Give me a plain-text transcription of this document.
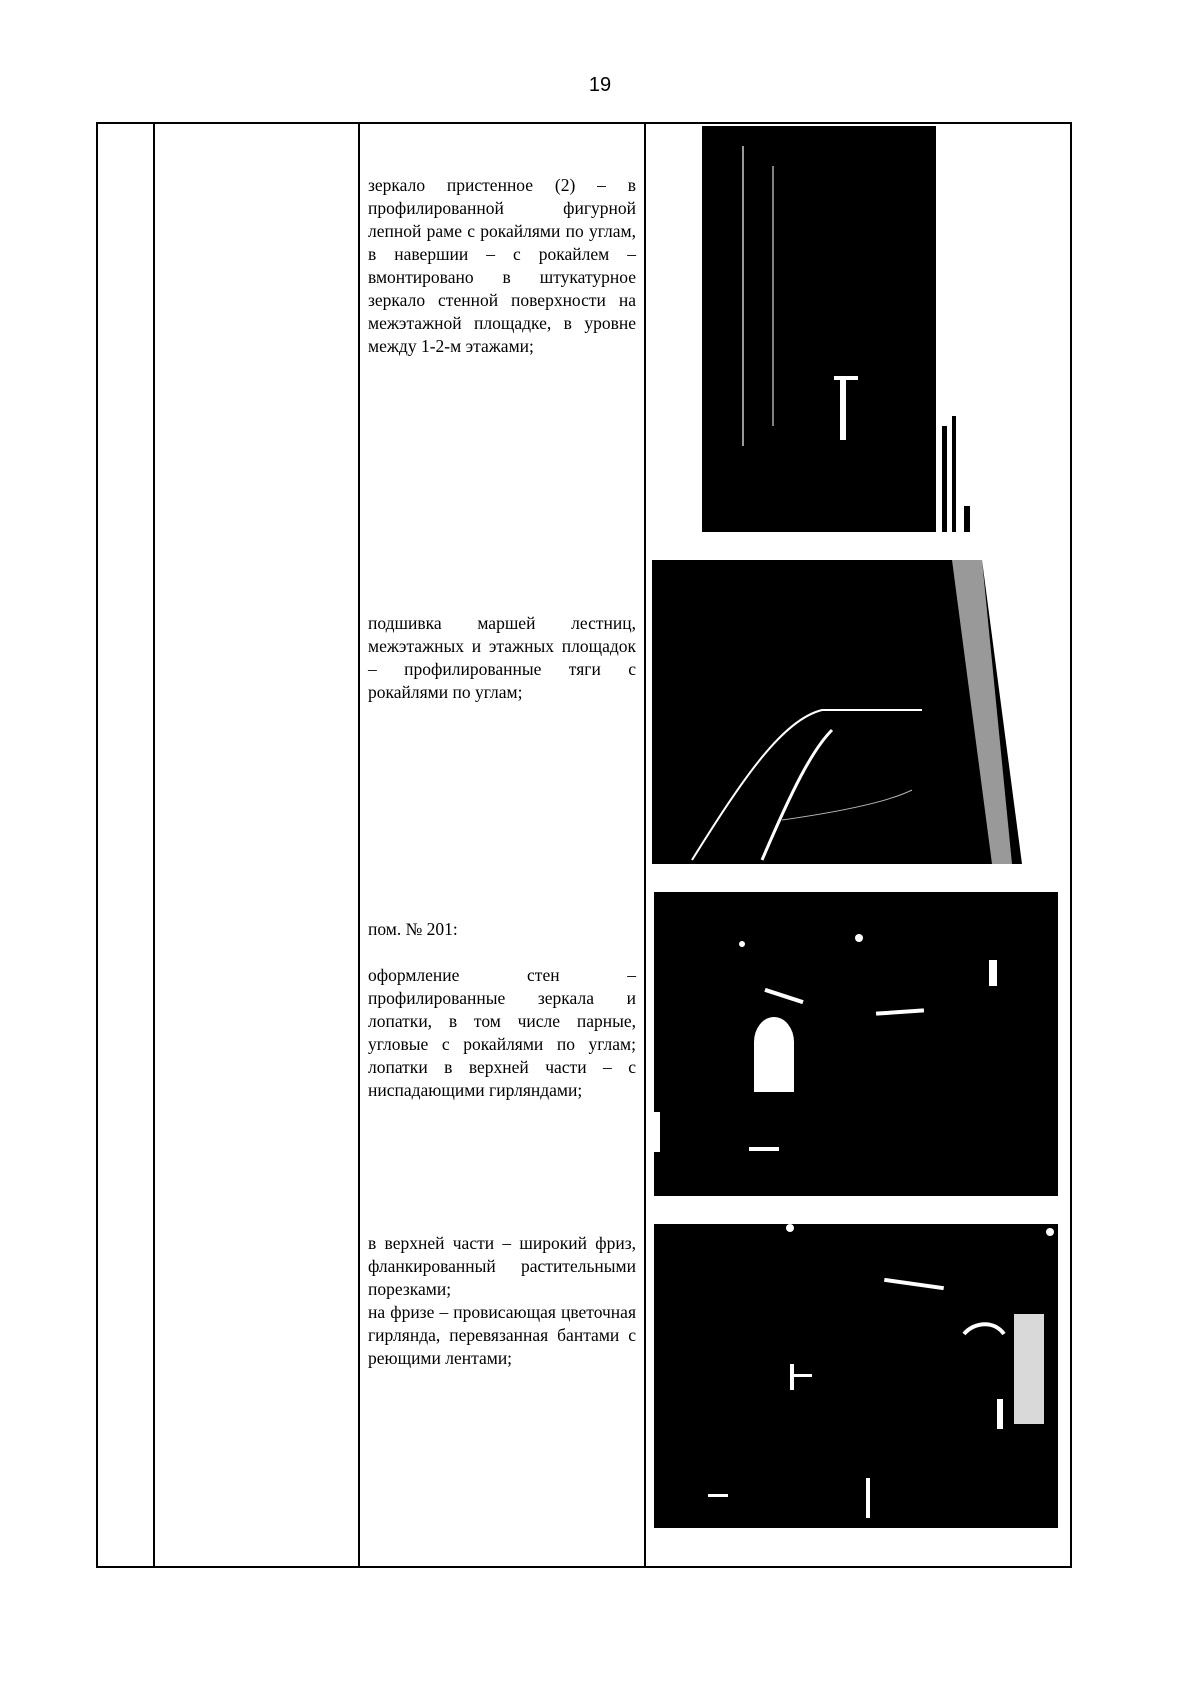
19

зеркало пристенное (2) – в профилированной фигурной лепной раме с рокайлями по углам, в навершии – с рокайлем – вмонтировано в штукатурное зеркало стенной поверхности на межэтажной площадке, в уровне между 1-2-м этажами;

подшивка маршей лестниц, межэтажных и этажных площадок – профилированные тяги с рокайлями по углам;

пом. № 201:

оформление стен – профилированные зеркала и лопатки, в том числе парные, угловые с рокайлями по углам; лопатки в верхней части – с ниспадающими гирляндами;

в верхней части – широкий фриз, фланкированный растительными порезками;

на фризе – провисающая цветочная гирлянда, перевязанная бантами с реющими лентами;
